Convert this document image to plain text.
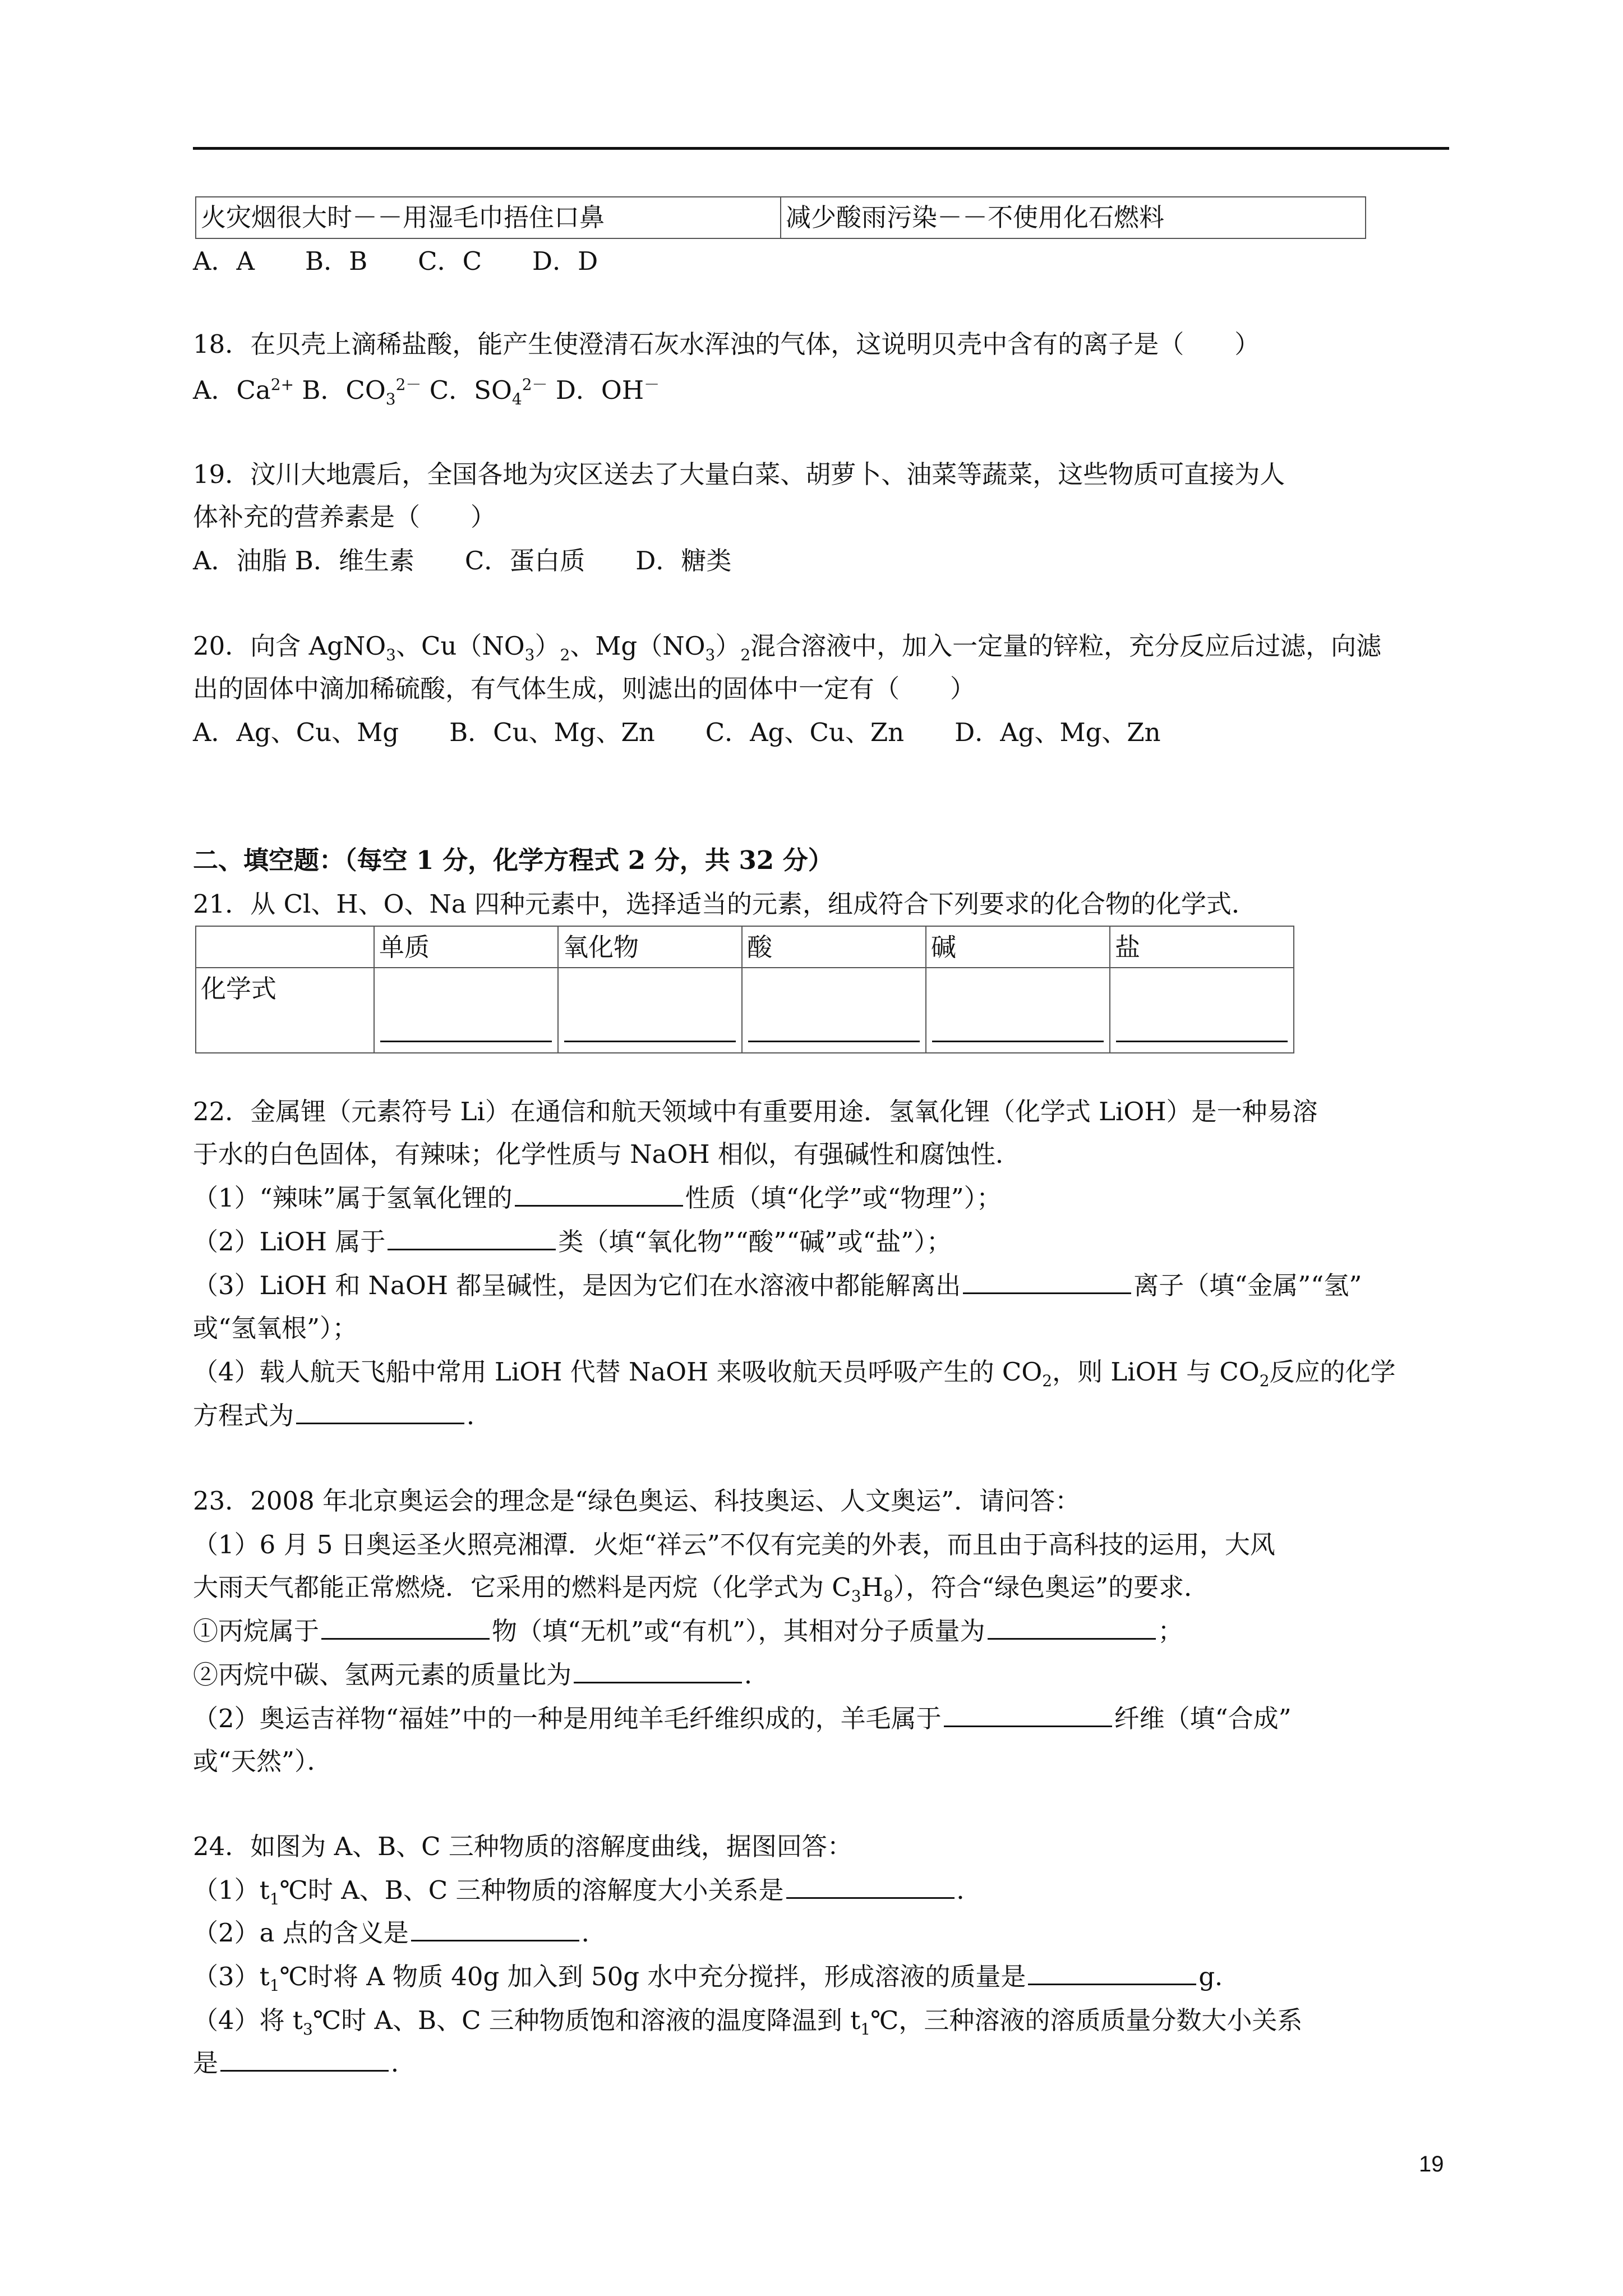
火灾烟很大时－－用湿毛巾捂住口鼻	减少酸雨污染－－不使用化石燃料
A．A　　B．B　　C．C　　D．D
18．在贝壳上滴稀盐酸，能产生使澄清石灰水浑浊的气体，这说明贝壳中含有的离子是（　　）
A．$Ca^{2+}$ B．$CO_3^{2-}$ C．$SO_4^{2-}$ D．OH－
19．汶川大地震后，全国各地为灾区送去了大量白菜、胡萝卜、油菜等蔬菜，这些物质可直接为人
体补充的营养素是（　　）
A．油脂 B．维生素　　C．蛋白质　　D．糖类
20．向含 AgNO$_3$、$Cu(NO_3)_2$、$Mg(NO_3)_2$混合溶液中，加入一定量的锌粒，充分反应后过滤，向滤
出的固体中滴加稀硫酸，有气体生成，则滤出的固体中一定有（　　）
A．Ag、Cu、Mg　　B．Cu、Mg、Zn　　C．Ag、Cu、Zn　　D．Ag、Mg、Zn
二、填空题：（每空 1 分，化学方程式 2 分，共 32 分）
21．从 Cl、H、O、Na 四种元素中，选择适当的元素，组成符合下列要求的化合物的化学式．
	单质	氧化物	酸	碱	盐
化学式	

22．金属锂（元素符号 Li）在通信和航天领域中有重要用途．氢氧化锂（化学式 LiOH）是一种易溶
于水的白色固体，有辣味；化学性质与 NaOH 相似，有强碱性和腐蚀性．
（1）“辣味”属于氢氧化锂的	性质（填“化学”或“物理”）；
（2）LiOH 属于	类（填“氧化物”“酸”“碱”或“盐”）；
（3）LiOH 和 NaOH 都呈碱性，是因为它们在水溶液中都能解离出	离子（填“金属”“氢”
或“氢氧根”）；
（4）载人航天飞船中常用 LiOH 代替 NaOH 来吸收航天员呼吸产生的 $CO_2$，则 LiOH 与 $CO_2$反应的化学
方程式为	．
23．2008 年北京奥运会的理念是“绿色奥运、科技奥运、人文奥运”．请问答：
（1）6 月 5 日奥运圣火照亮湘潭．火炬“祥云”不仅有完美的外表，而且由于高科技的运用，大风
大雨天气都能正常燃烧．它采用的燃料是丙烷（化学式为 $C_3H_8$），符合“绿色奥运”的要求．
①丙烷属于	物（填“无机”或“有机”），其相对分子质量为	；
②丙烷中碳、氢两元素的质量比为	．
（2）奥运吉祥物“福娃”中的一种是用纯羊毛纤维织成的，羊毛属于	纤维（填“合成”
或“天然”）．
24．如图为 A、B、C 三种物质的溶解度曲线，据图回答：
$(1)t_1℃$时 A、B、C 三种物质的溶解度大小关系是	．
（2）a 点的含义是	．
$(3)t_1℃$时将 A 物质 40g 加入到 50g 水中充分搅拌，形成溶液的质量是	g．
（4）将 $t_3℃$时 A、B、C 三种物质饱和溶液的温度降温到 $t_1℃$，三种溶液的溶质质量分数大小关系
是	．
19
